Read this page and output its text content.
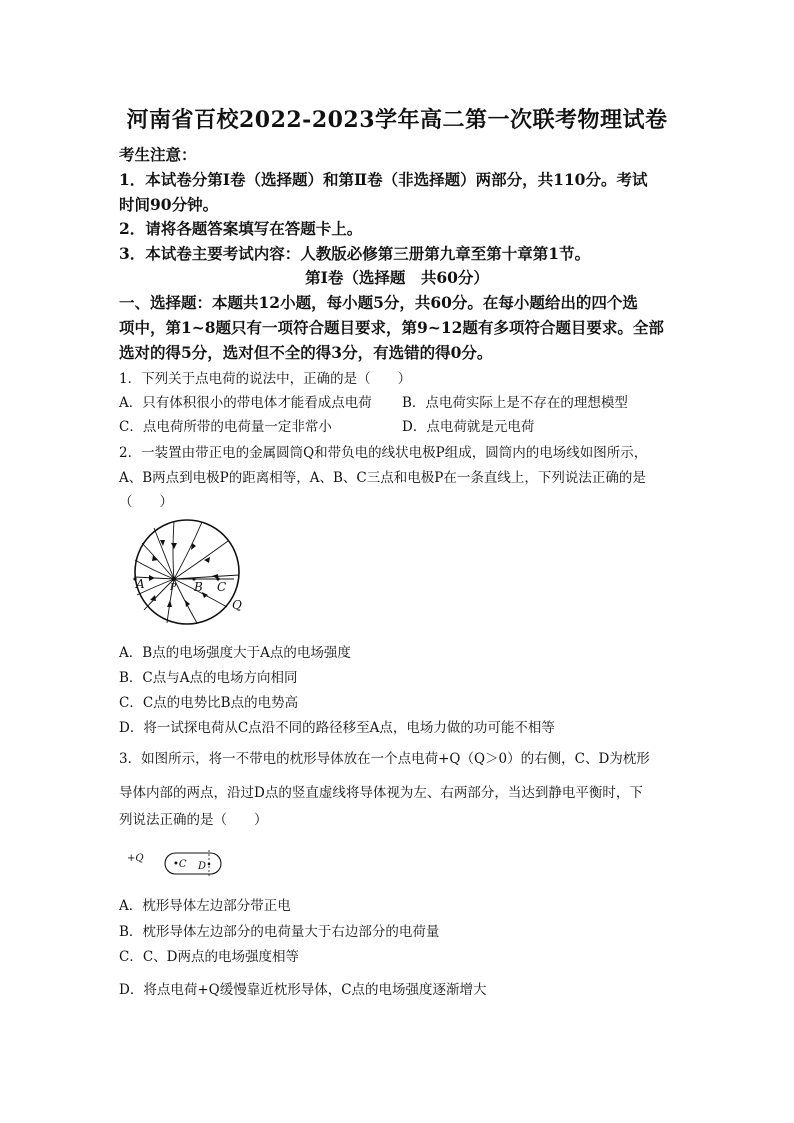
河南省百校2022-2023学年高二第一次联考物理试卷
考生注意：
1．本试卷分第Ⅰ卷（选择题）和第Ⅱ卷（非选择题）两部分，共110分。考试
时间90分钟。
2．请将各题答案填写在答题卡上。
3．本试卷主要考试内容：人教版必修第三册第九章至第十章第1节。
第Ⅰ卷（选择题　共60分）
一、选择题：本题共12小题，每小题5分，共60分。在每小题给出的四个选
项中，第1~8题只有一项符合题目要求，第9~12题有多项符合题目要求。全部
选对的得5分，选对但不全的得3分，有选错的得0分。
1．下列关于点电荷的说法中，正确的是（　　）
A．只有体积很小的带电体才能看成点电荷 B．点电荷实际上是不存在的理想模型
C．点电荷所带的电荷量一定非常小	D．点电荷就是元电荷
2．一装置由带正电的金属圆筒Q和带负电的线状电极P组成，圆筒内的电场线如图所示，
A、B两点到电极P的距离相等，A、B、C三点和电极P在一条直线上，下列说法正确的是
（　　）
A	P B C
Q
A．B点的电场强度大于A点的电场强度
B．C点与A点的电场方向相同
C．C点的电势比B点的电势高
D．将一试探电荷从C点沿不同的路径移至A点，电场力做的功可能不相等
3．如图所示，将一不带电的枕形导体放在一个点电荷+Q（Q＞0）的右侧，C、D为枕形
导体内部的两点，沿过D点的竖直虚线将导体视为左、右两部分，当达到静电平衡时，下
列说法正确的是（　　）
+Q
•C D
A．枕形导体左边部分带正电
B．枕形导体左边部分的电荷量大于右边部分的电荷量
C．C、D两点的电场强度相等
D．将点电荷+Q缓慢靠近枕形导体，C点的电场强度逐渐增大
